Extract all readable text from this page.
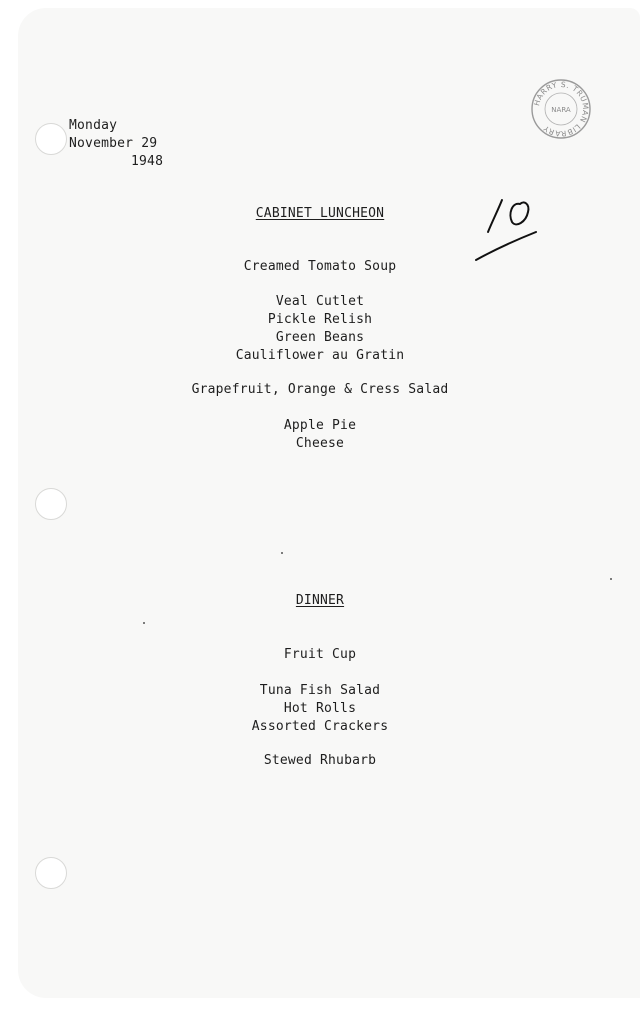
Monday
November 29
1948
HARRY S. TRUMAN LIBRARY
NARA
10
CABINET LUNCHEON
Creamed Tomato Soup
Veal Cutlet
Pickle Relish
Green Beans
Cauliflower au Gratin
Grapefruit, Orange & Cress Salad
Apple Pie
Cheese
DINNER
Fruit Cup
Tuna Fish Salad
Hot Rolls
Assorted Crackers
Stewed Rhubarb
